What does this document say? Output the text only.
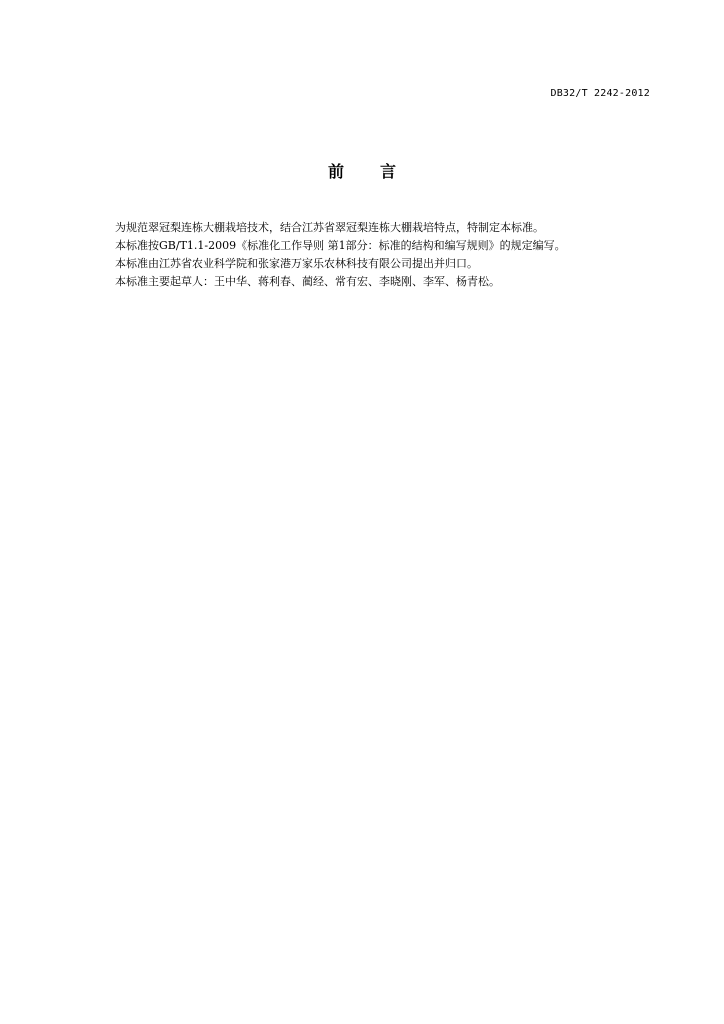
DB32/T 2242-2012
前言
为规范翠冠梨连栋大棚栽培技术，结合江苏省翠冠梨连栋大棚栽培特点，特制定本标准。
本标准按GB/T1.1-2009《标准化工作导则 第1部分：标准的结构和编写规则》的规定编写。
本标准由江苏省农业科学院和张家港万家乐农林科技有限公司提出并归口。
本标准主要起草人：王中华、蒋利春、蔺经、常有宏、李晓刚、李军、杨青松。
